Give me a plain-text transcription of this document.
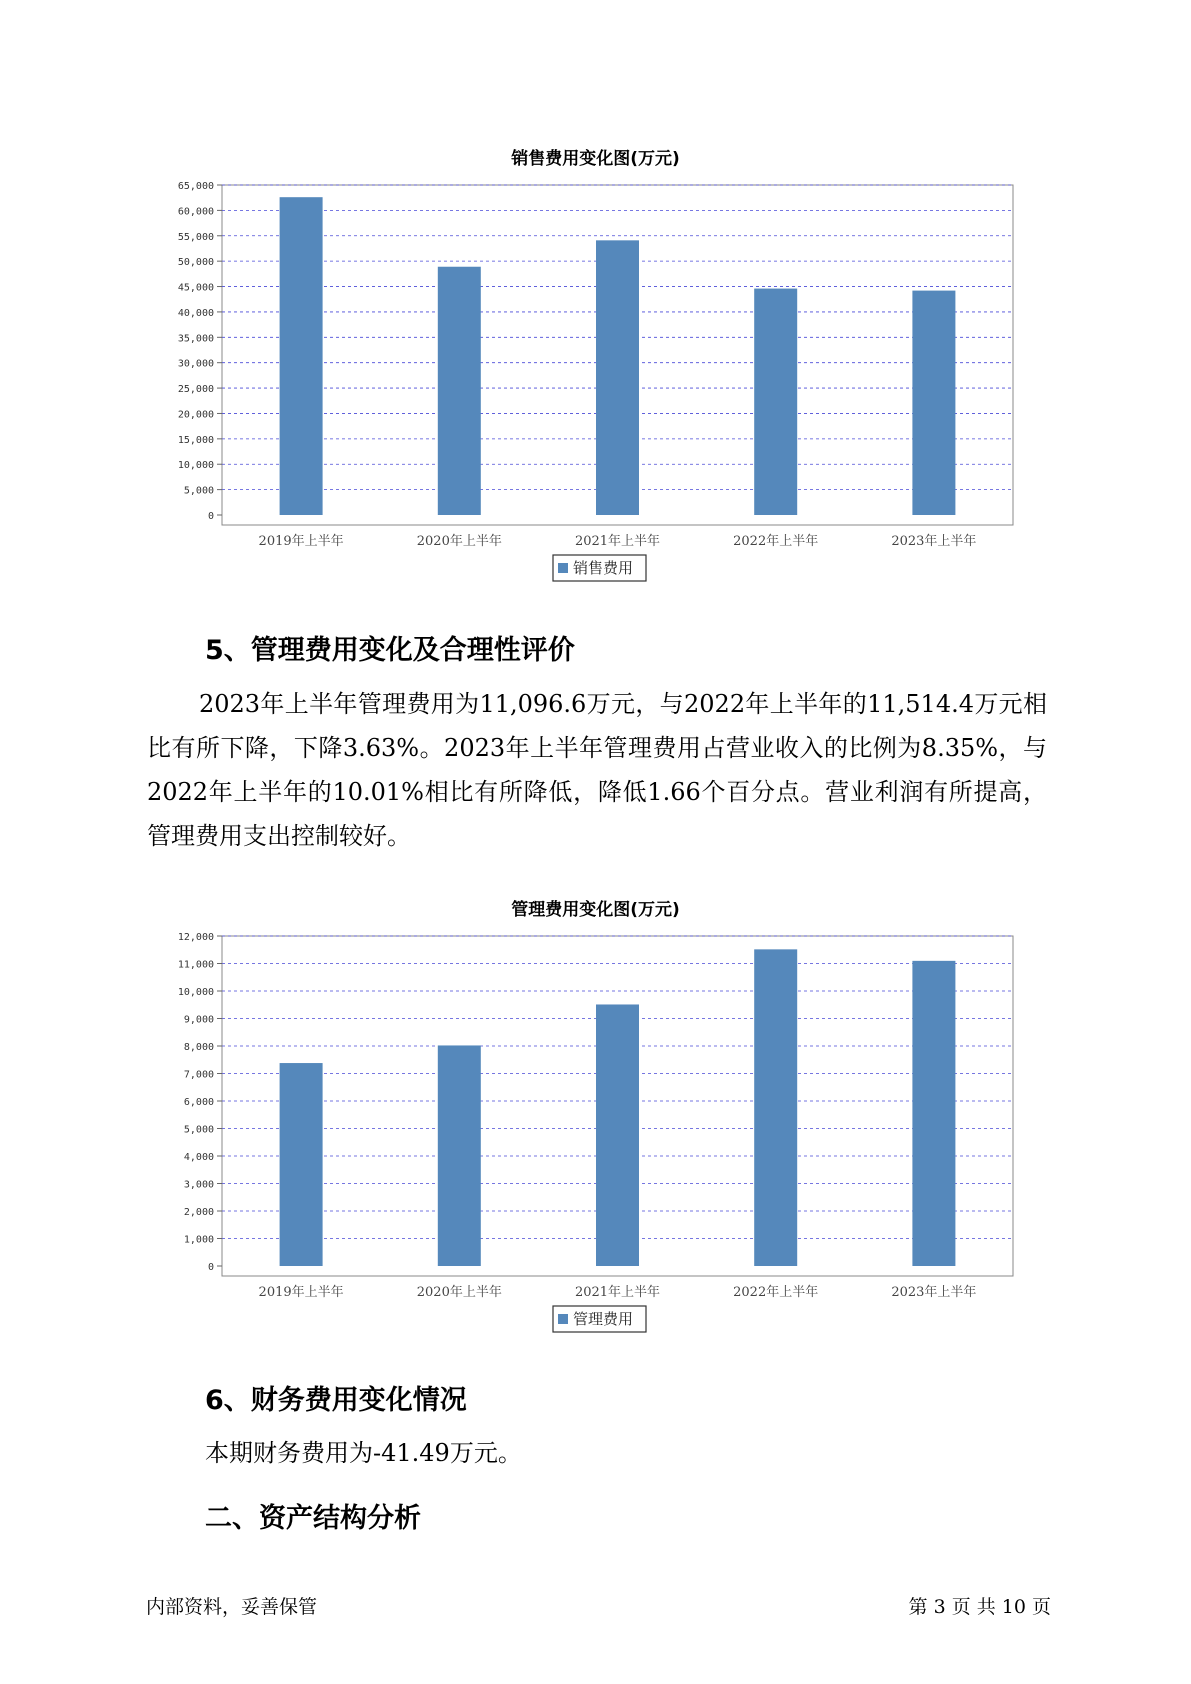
销售费用变化图(万元)
0
5,000
10,000
15,000
20,000
25,000
30,000
35,000
40,000
45,000
50,000
55,000
60,000
65,000
2019年上半年	2020年上半年	2021年上半年	2022年上半年	2023年上半年
销售费用
5、管理费用变化及合理性评价
2023年上半年管理费用为11,096.6万元，与2022年上半年的11,514.4万元相比有所下降，下降3.63%。2023年上半年管理费用占营业收入的比例为8.35%，与2022年上半年的10.01%相比有所降低，降低1.66个百分点。营业利润有所提高，管理费用支出控制较好。
管理费用变化图(万元)
0
1,000
2,000
3,000
4,000
5,000
6,000
7,000
8,000
9,000
10,000
11,000
12,000
2019年上半年	2020年上半年	2021年上半年	2022年上半年	2023年上半年
管理费用
6、财务费用变化情况
本期财务费用为-41.49万元。
二、资产结构分析
内部资料，妥善保管	第 3 页 共 10 页
